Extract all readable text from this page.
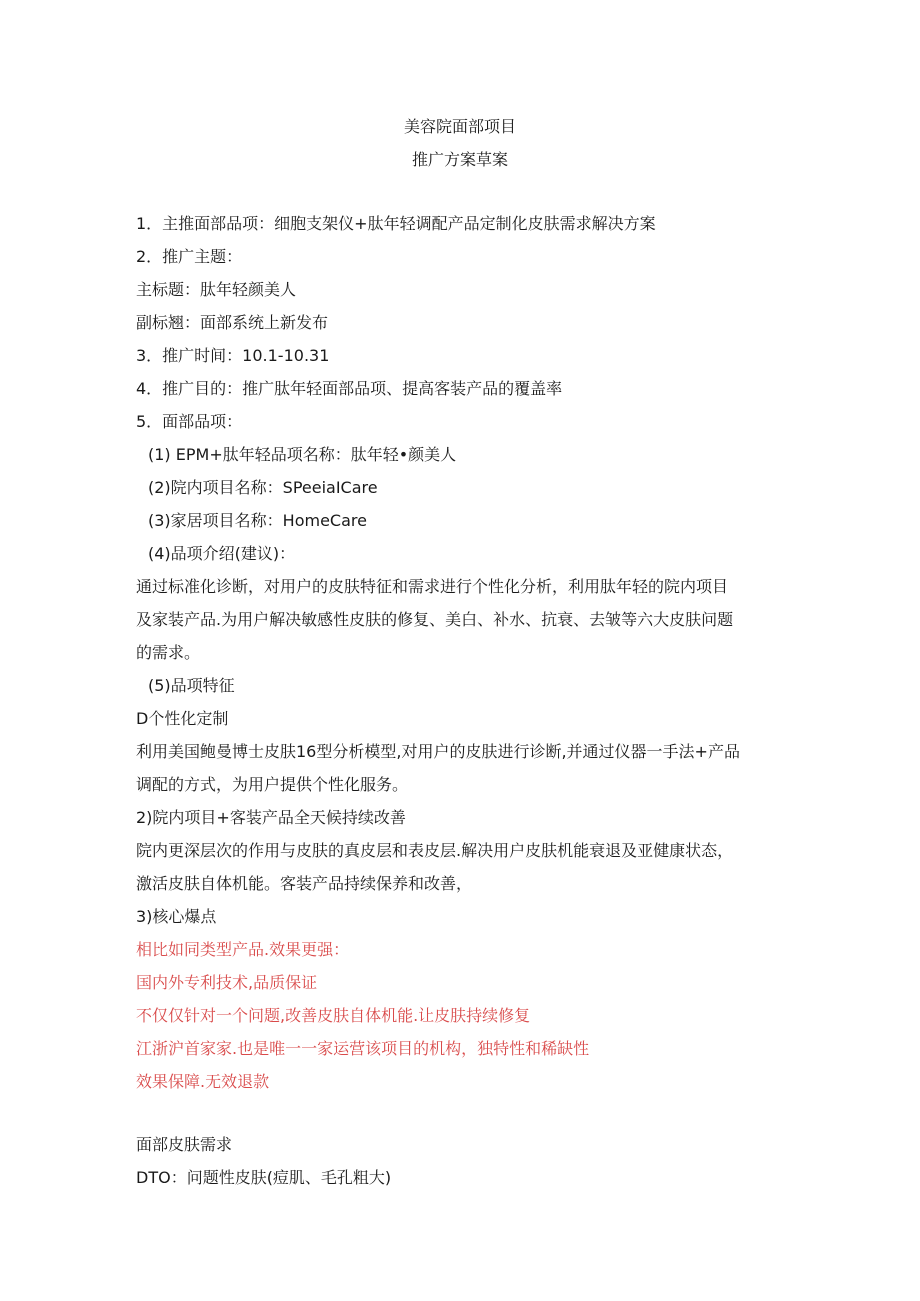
美容院面部项目
推广方案草案
1．主推面部品项：细胞支架仪+肽年轻调配产品定制化皮肤需求解决方案
2．推广主题：
主标题：肽年轻颜美人
副标翘：面部系统上新发布
3．推广时间：10.1-10.31
4．推广目的：推广肽年轻面部品项、提高客装产品的覆盖率
5．面部品项：
(1) EPM+肽年轻品项名称：肽年轻•颜美人
(2)院内项目名称：SPeeiaICare
(3)家居项目名称：HomeCare
(4)品项介绍(建议)：
通过标准化诊断，对用户的皮肤特征和需求进行个性化分析，利用肽年轻的院内项目
及家装产品.为用户解决敏感性皮肤的修复、美白、补水、抗衰、去皱等六大皮肤问题
的需求。
(5)品项特征
D个性化定制
利用美国鲍曼博士皮肤16型分析模型,对用户的皮肤进行诊断,并通过仪器一手法+产品
调配的方式，为用户提供个性化服务。
2)院内项目+客装产品全天候持续改善
院内更深层次的作用与皮肤的真皮层和表皮层.解决用户皮肤机能衰退及亚健康状态，
激活皮肤自体机能。客装产品持续保养和改善，
3)核心爆点
相比如同类型产品.效果更强：
国内外专利技术,品质保证
不仅仅针对一个问题,改善皮肤自体机能.让皮肤持续修复
江浙沪首家家.也是唯一一家运营该项目的机构，独特性和稀缺性
效果保障.无效退款
面部皮肤需求
DTO：问题性皮肤(痘肌、毛孔粗大)
